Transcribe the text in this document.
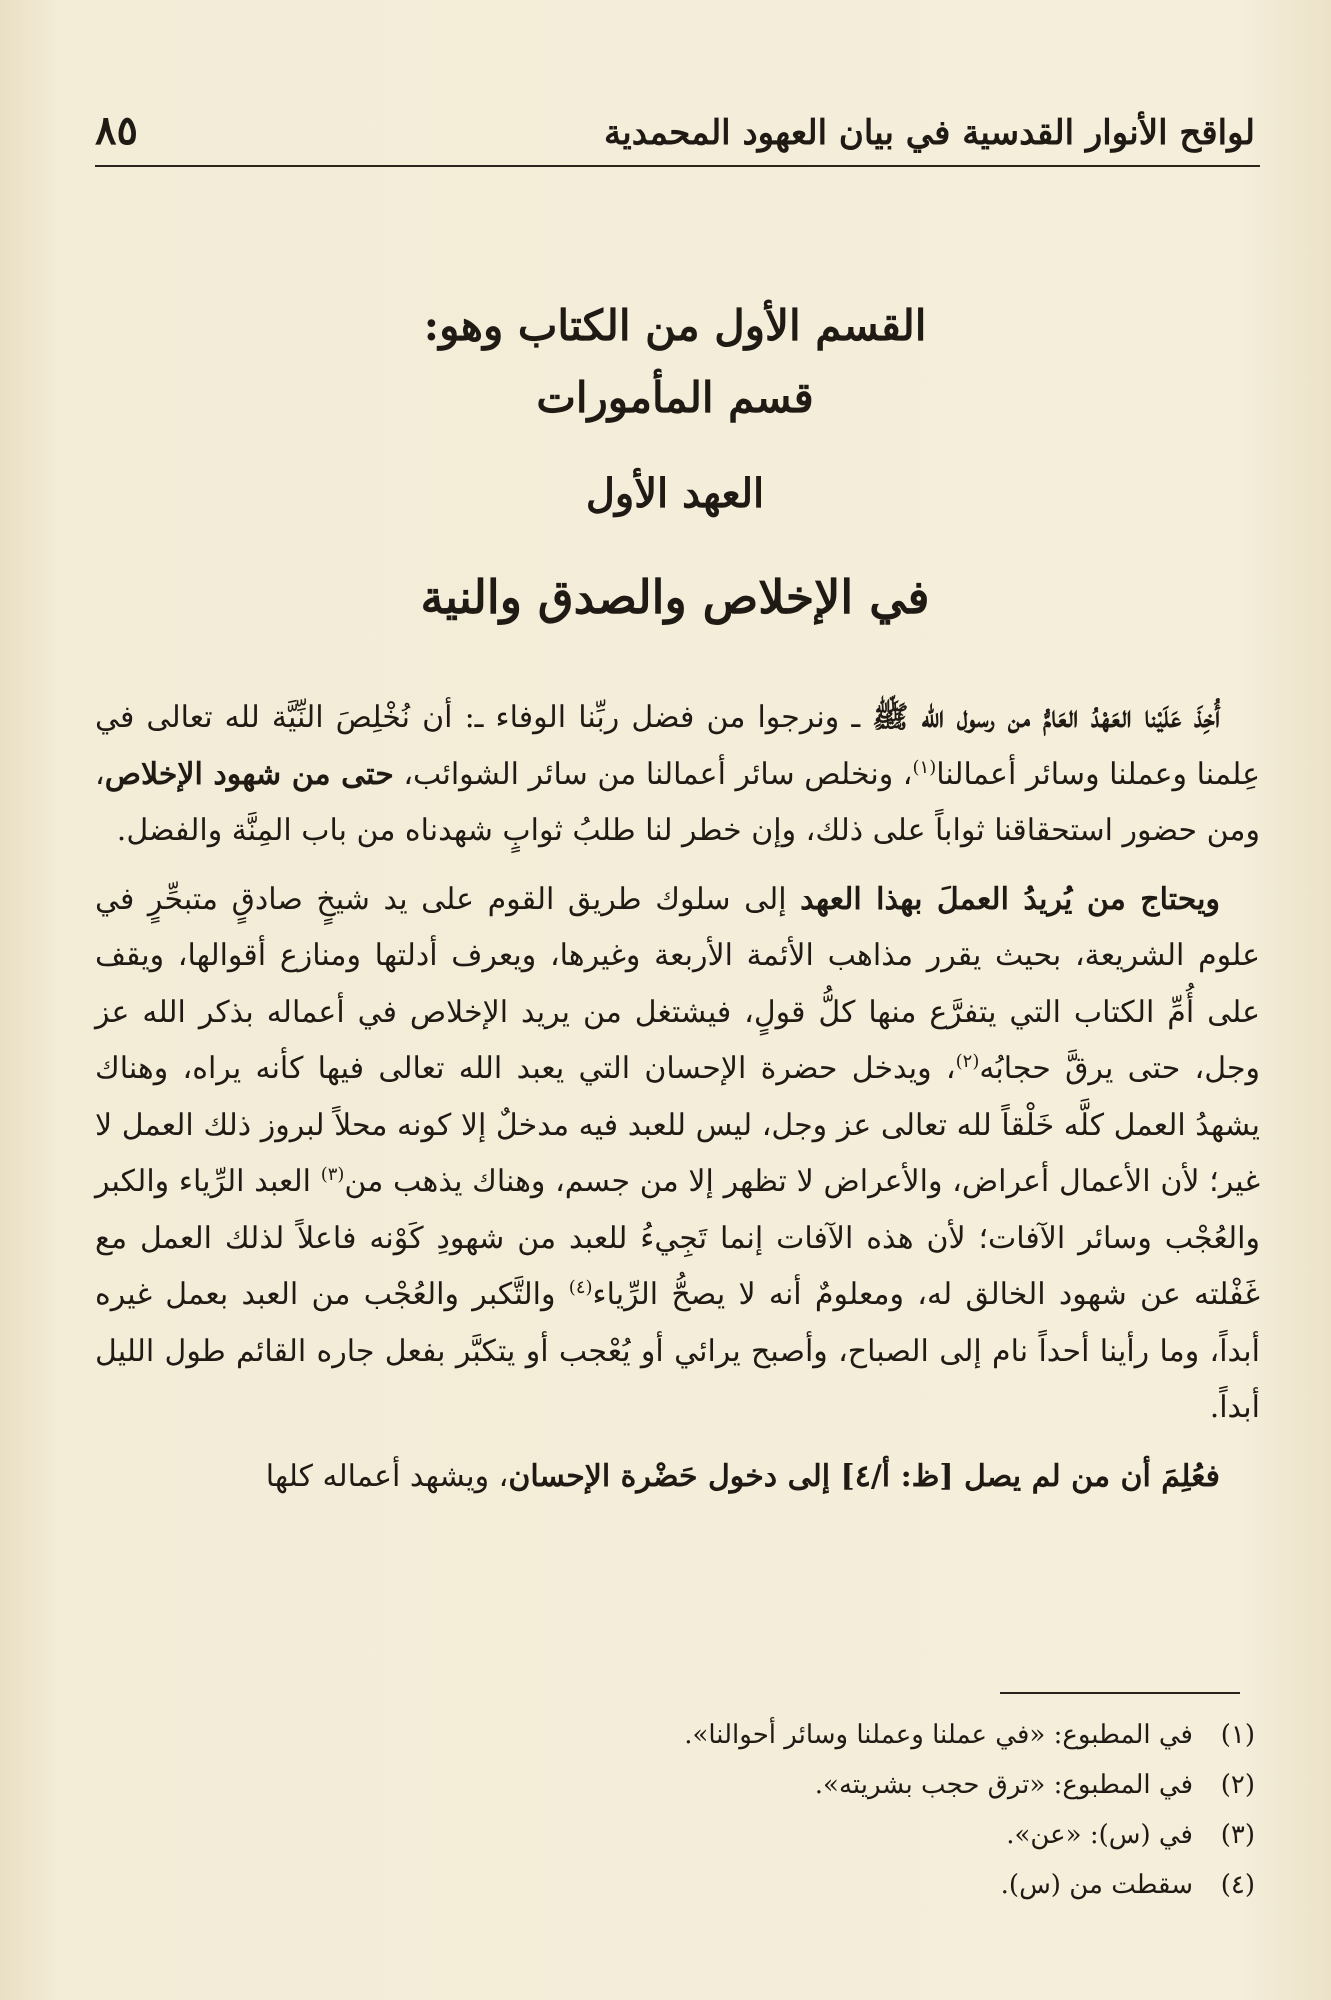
لواقح الأنوار القدسية في بيان العهود المحمدية
٨٥
القسم الأول من الكتاب وهو:
قسم المأمورات
العهد الأول
في الإخلاص والصدق والنية

أُخِذَ عَلَيْنا العَهْدُ العَامُّ من رسول الله ﷺ ـ ونرجوا من فضل ربِّنا الوفاء ـ: أن نُخْلِصَ النِّيَّة لله تعالى في عِلمنا وعملنا وسائر أعمالنا$^{(١)}$، ونخلص سائر أعمالنا من سائر الشوائب، حتى من شهود الإخلاص، ومن حضور استحقاقنا ثواباً على ذلك، وإن خطر لنا طلبُ ثوابٍ شهدناه من باب المِنَّة والفضل.

ويحتاج من يُريدُ العملَ بهذا العهد إلى سلوك طريق القوم على يد شيخٍ صادقٍ متبحِّرٍ في علوم الشريعة، بحيث يقرر مذاهب الأئمة الأربعة وغيرها، ويعرف أدلتها ومنازع أقوالها، ويقف على أُمِّ الكتاب التي يتفرَّع منها كلُّ قولٍ، فيشتغل من يريد الإخلاص في أعماله بذكر الله عز وجل، حتى يرقَّ حجابُه$^{(٢)}$، ويدخل حضرة الإحسان التي يعبد الله تعالى فيها كأنه يراه، وهناك يشهدُ العمل كلَّه خَلْقاً لله تعالى عز وجل، ليس للعبد فيه مدخلٌ إلا كونه محلاً لبروز ذلك العمل لا غير؛ لأن الأعمال أعراض، والأعراض لا تظهر إلا من جسم، وهناك يذهب من$^{(٣)}$ العبد الرِّياء والكبر والعُجْب وسائر الآفات؛ لأن هذه الآفات إنما تَجِيءُ للعبد من شهودِ كَوْنه فاعلاً لذلك العمل مع غَفْلته عن شهود الخالق له، ومعلومٌ أنه لا يصحُّ الرِّياء$^{(٤)}$ والتَّكبر والعُجْب من العبد بعمل غيره أبداً، وما رأينا أحداً نام إلى الصباح، وأصبح يرائي أو يُعْجب أو يتكبَّر بفعل جاره القائم طول الليل أبداً.

فعُلِمَ أن من لم يصل [ظ: أ/٤] إلى دخول حَضْرة الإحسان، ويشهد أعماله كلها

(١)في المطبوع: «في عملنا وعملنا وسائر أحوالنا».
(٢)في المطبوع: «ترق حجب بشريته».
(٣)في (س): «عن».
(٤)سقطت من (س).
